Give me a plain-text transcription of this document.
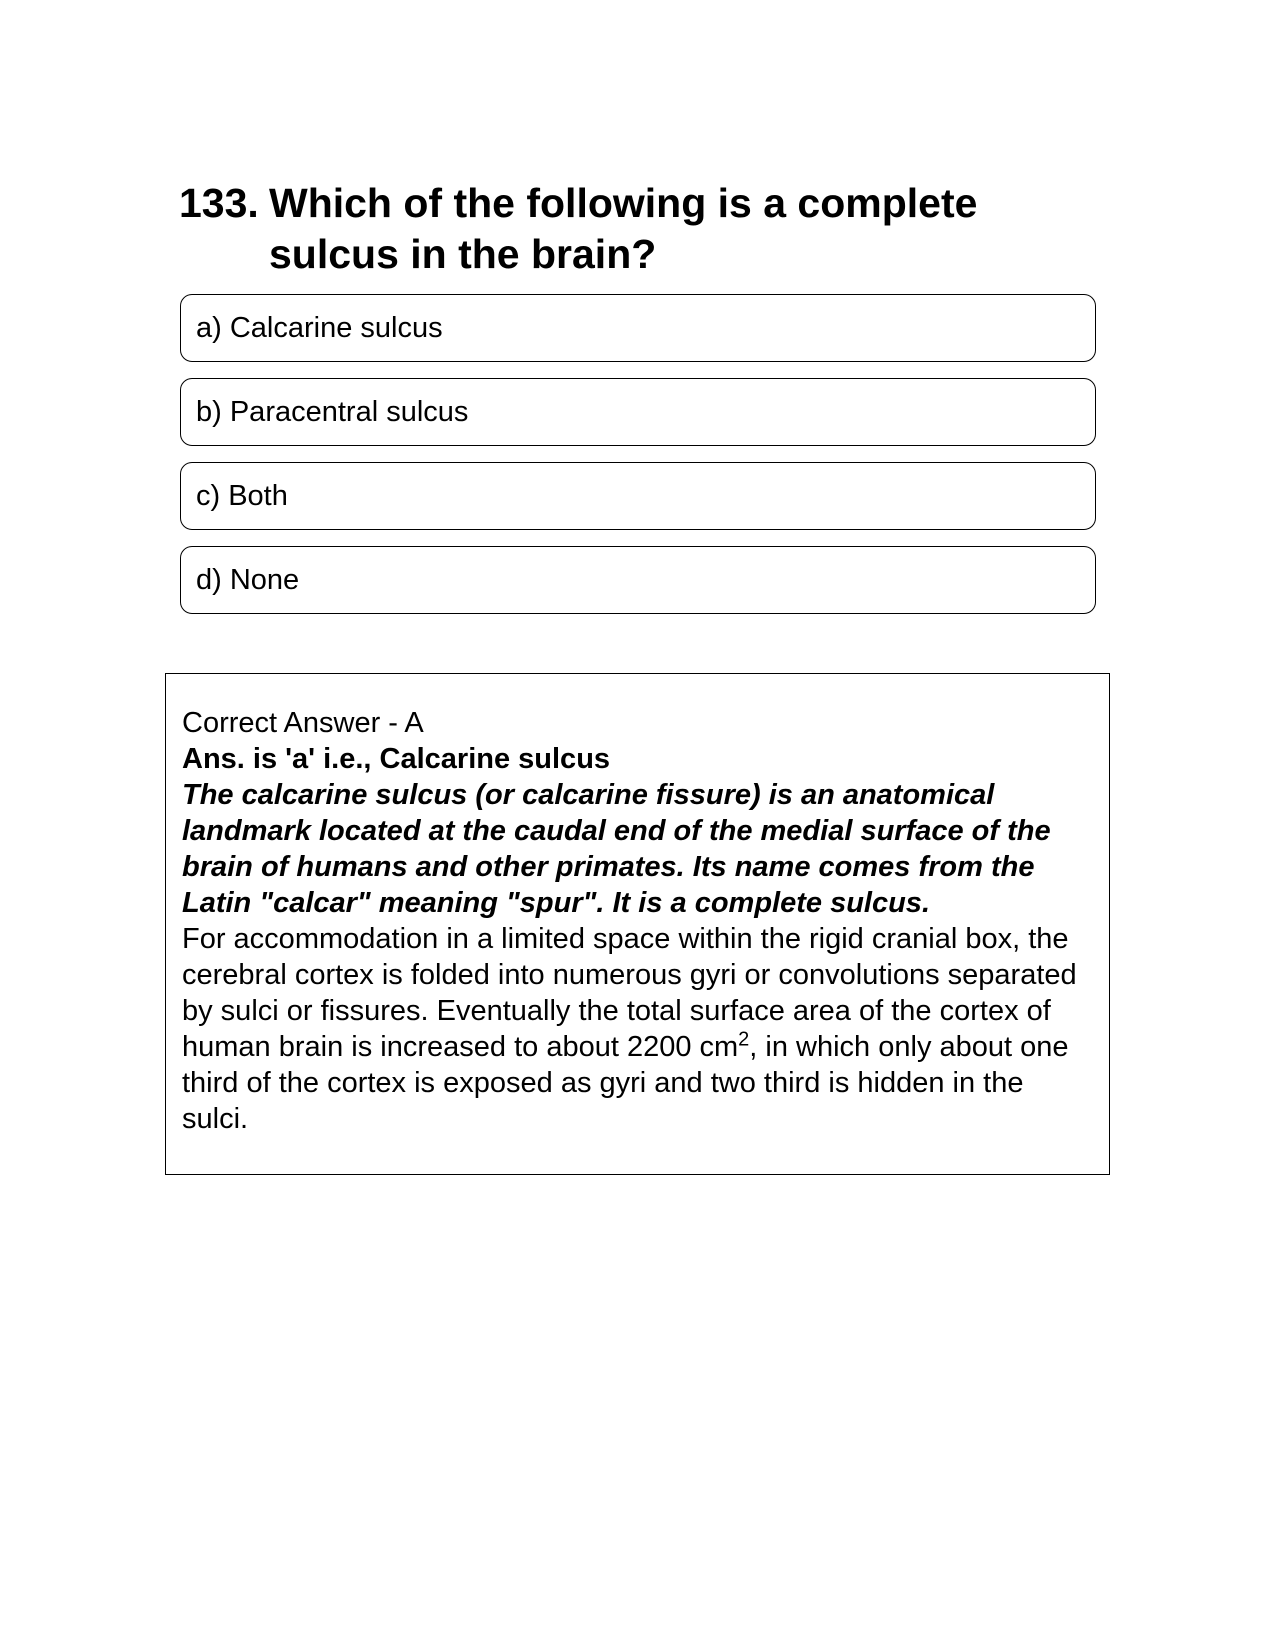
133. Which of the following is a complete sulcus in the brain?
a) Calcarine sulcus
b) Paracentral sulcus
c) Both
d) None

Correct Answer - A

Ans. is 'a' i.e., Calcarine sulcus

The calcarine sulcus (or calcarine fissure) is an anatomical landmark located at the caudal end of the medial surface of the brain of humans and other primates. Its name comes from the Latin "calcar" meaning "spur". It is a complete sulcus.

For accommodation in a limited space within the rigid cranial box, the cerebral cortex is folded into numerous gyri or convolutions separated by sulci or fissures. Eventually the total surface area of the cortex of human brain is increased to about 2200 $cm^2$, in which only about one third of the cortex is exposed as gyri and two third is hidden in the sulci.
